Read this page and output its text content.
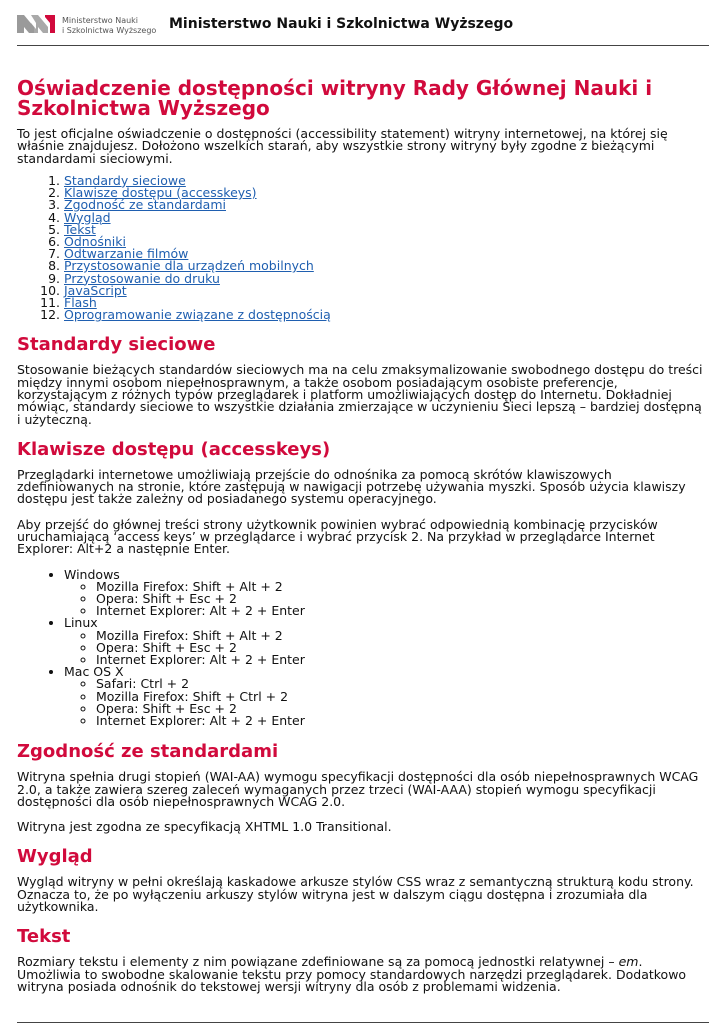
Ministerstwo Nauki
i Szkolnictwa Wyższego Ministerstwo Nauki i Szkolnictwa Wyższego
Oświadczenie dostępności witryny Rady Głównej Nauki i Szkolnictwa Wyższego

To jest oficjalne oświadczenie o dostępności (accessibility statement) witryny internetowej, na której się właśnie znajdujesz. Dołożono wszelkich starań, aby wszystkie strony witryny były zgodne z bieżącymi standardami sieciowymi.

1. Standardy sieciowe
2. Klawisze dostępu (accesskeys)
3. Zgodność ze standardami
4. Wygląd
5. Tekst
6. Odnośniki
7. Odtwarzanie filmów
8. Przystosowanie dla urządzeń mobilnych
9. Przystosowanie do druku
10. JavaScript
11. Flash
12. Oprogramowanie związane z dostępnością
Standardy sieciowe

Stosowanie bieżących standardów sieciowych ma na celu zmaksymalizowanie swobodnego dostępu do treści między innymi osobom niepełnosprawnym, a także osobom posiadającym osobiste preferencje, korzystającym z różnych typów przeglądarek i platform umożliwiających dostęp do Internetu. Dokładniej mówiąc, standardy sieciowe to wszystkie działania zmierzające w uczynieniu Sieci lepszą – bardziej dostępną i użyteczną.

Klawisze dostępu (accesskeys)

Przeglądarki internetowe umożliwiają przejście do odnośnika za pomocą skrótów klawiszowych zdefiniowanych na stronie, które zastępują w nawigacji potrzebę używania myszki. Sposób użycia klawiszy dostępu jest także zależny od posiadanego systemu operacyjnego.

Aby przejść do głównej treści strony użytkownik powinien wybrać odpowiednią kombinację przycisków uruchamiającą ‘access keys’ w przeglądarce i wybrać przycisk 2. Na przykład w przeglądarce Internet Explorer: Alt+2 a następnie Enter.

• Windows
◦ Mozilla Firefox: Shift + Alt + 2
◦ Opera: Shift + Esc + 2
◦ Internet Explorer: Alt + 2 + Enter
• Linux
◦ Mozilla Firefox: Shift + Alt + 2
◦ Opera: Shift + Esc + 2
◦ Internet Explorer: Alt + 2 + Enter
• Mac OS X
◦ Safari: Ctrl + 2
◦ Mozilla Firefox: Shift + Ctrl + 2
◦ Opera: Shift + Esc + 2
◦ Internet Explorer: Alt + 2 + Enter
Zgodność ze standardami

Witryna spełnia drugi stopień (WAI-AA) wymogu specyfikacji dostępności dla osób niepełnosprawnych WCAG 2.0, a także zawiera szereg zaleceń wymaganych przez trzeci (WAI-AAA) stopień wymogu specyfikacji dostępności dla osób niepełnosprawnych WCAG 2.0.

Witryna jest zgodna ze specyfikacją XHTML 1.0 Transitional.

Wygląd

Wygląd witryny w pełni określają kaskadowe arkusze stylów CSS wraz z semantyczną strukturą kodu strony. Oznacza to, że po wyłączeniu arkuszy stylów witryna jest w dalszym ciągu dostępna i zrozumiała dla użytkownika.

Tekst

Rozmiary tekstu i elementy z nim powiązane zdefiniowane są za pomocą jednostki relatywnej – em. Umożliwia to swobodne skalowanie tekstu przy pomocy standardowych narzędzi przeglądarek. Dodatkowo witryna posiada odnośnik do tekstowej wersji witryny dla osób z problemami widzenia.
